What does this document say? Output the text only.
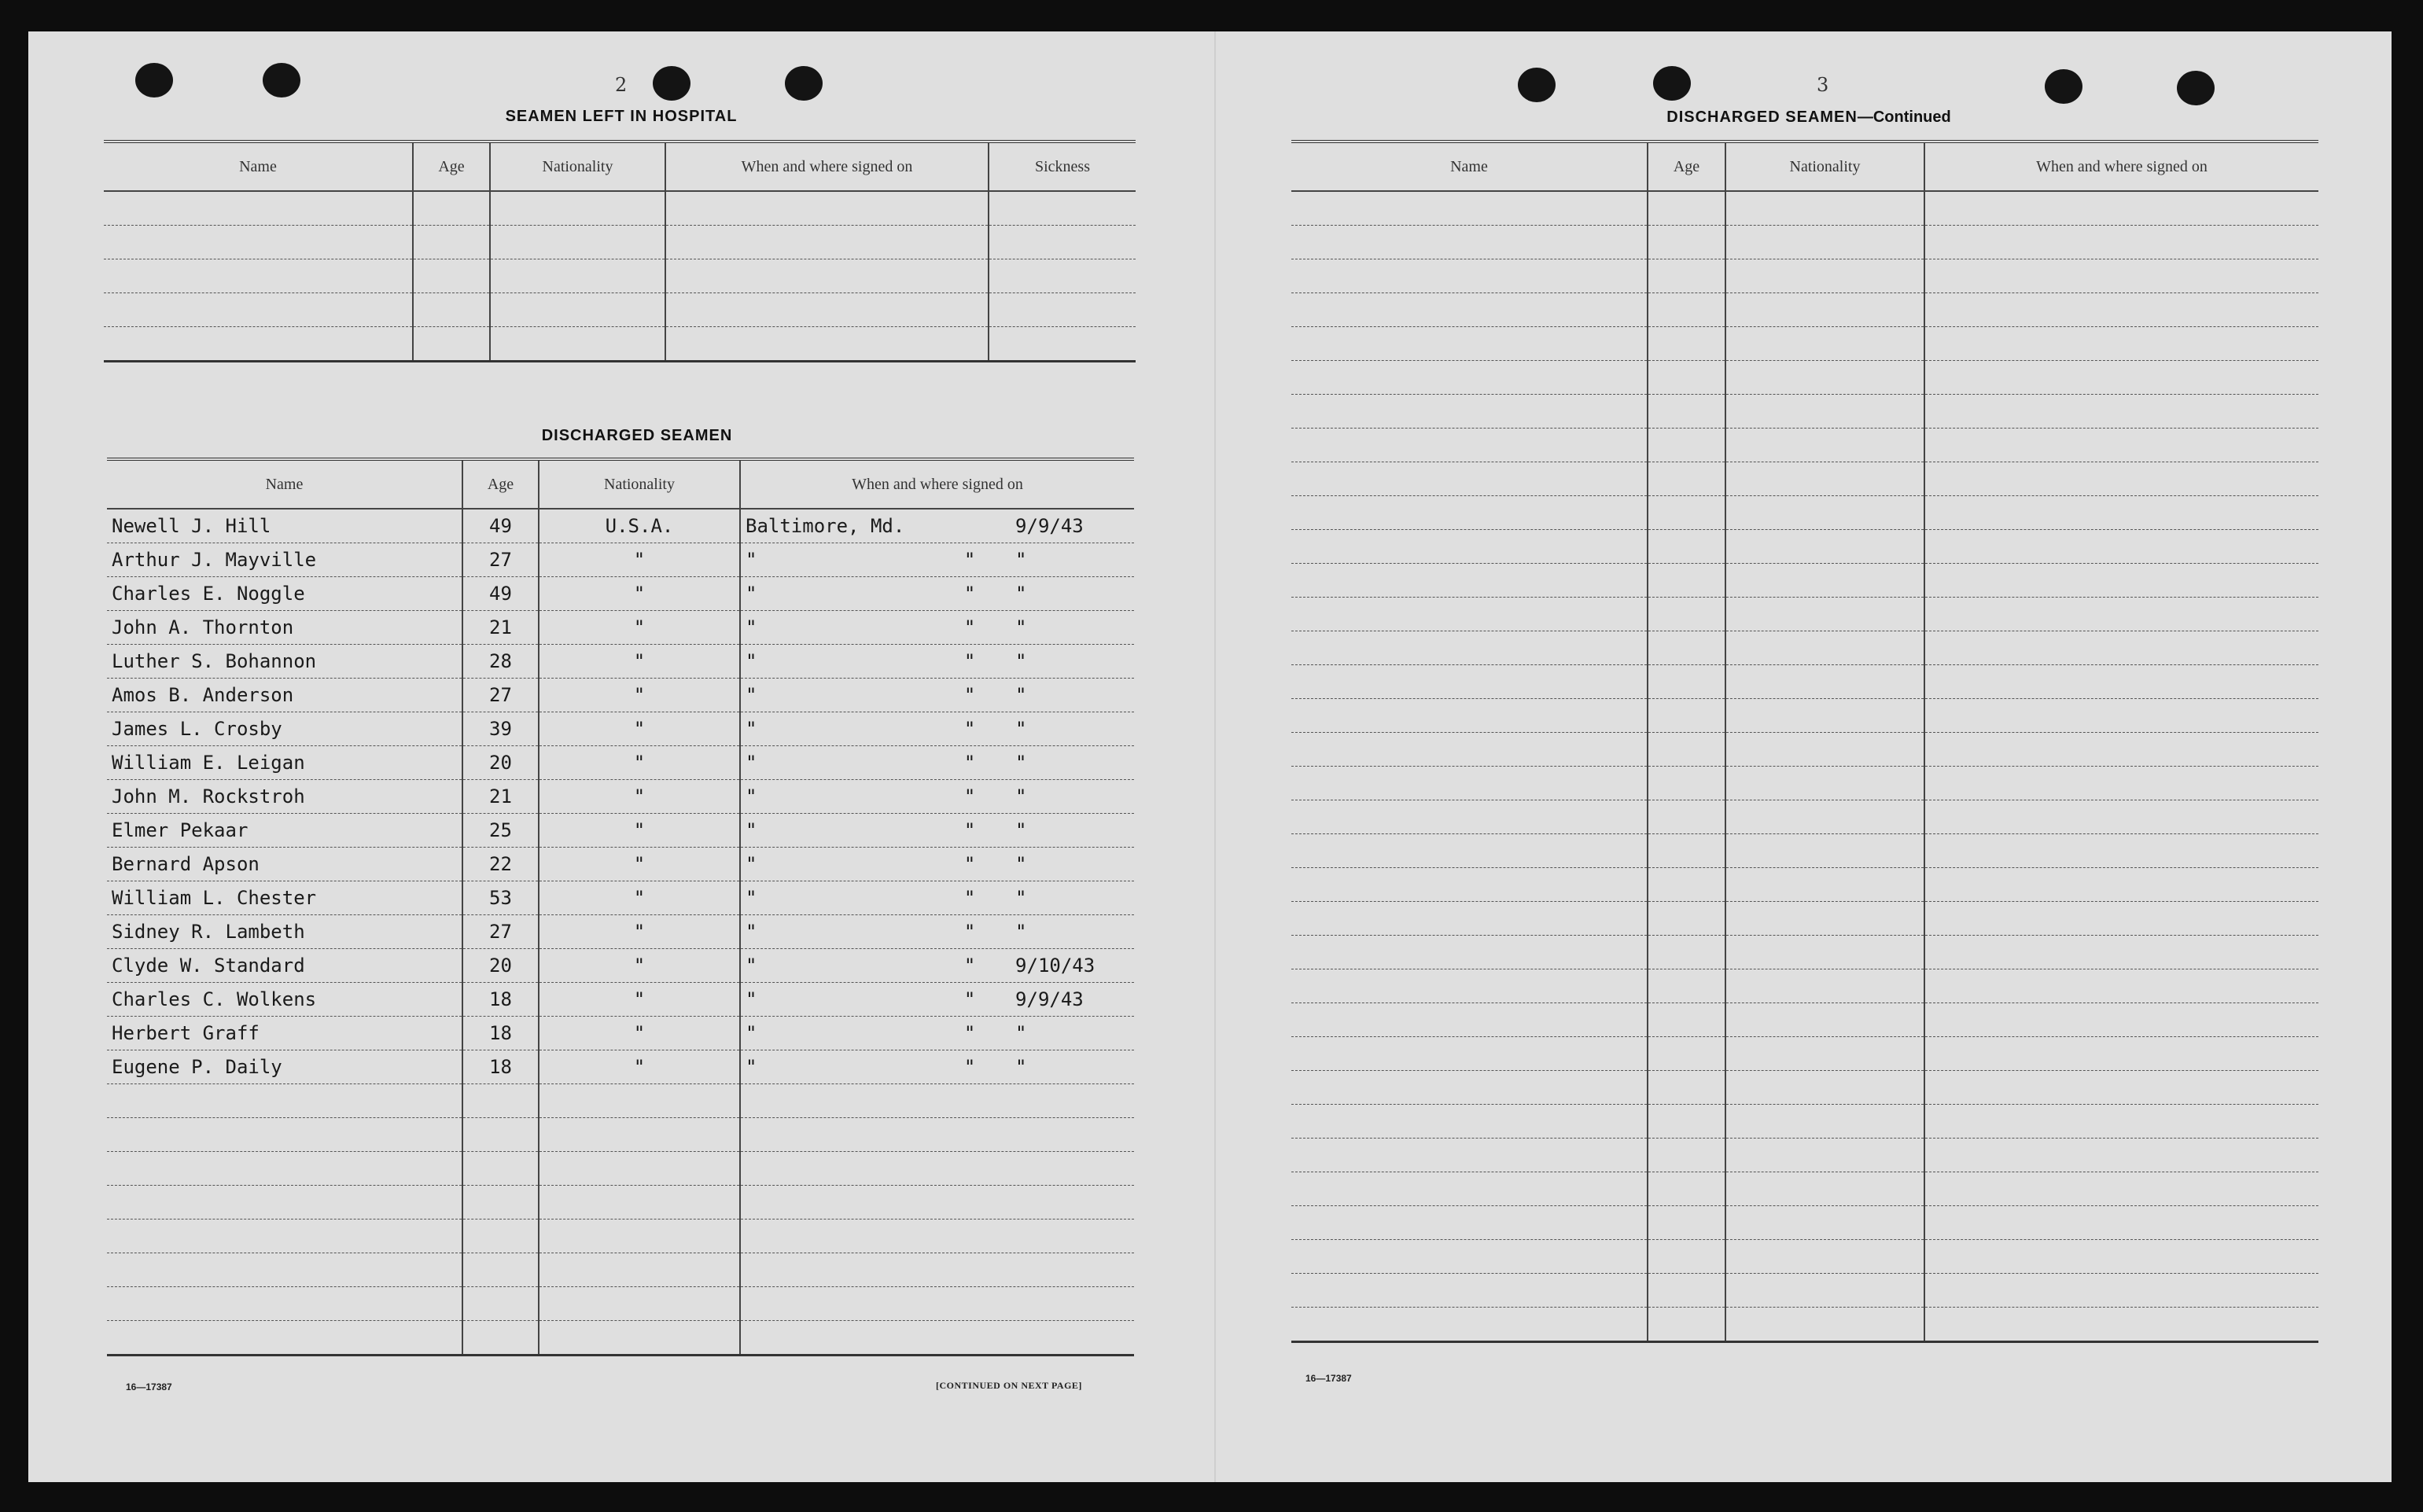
2
SEAMEN LEFT IN HOSPITAL
Name	Age	Nationality	When and where signed on	Sickness

DISCHARGED SEAMEN
Name	Age	Nationality	When and where signed on
Newell J. Hill	49	U.S.A.	Baltimore, Md. 9/9/43

Arthur J. Mayville	27	"	" " "

Charles E. Noggle	49	"	" " "

John A. Thornton	21	"	" " "

Luther S. Bohannon	28	"	" " "

Amos B. Anderson	27	"	" " "

James L. Crosby	39	"	" " "

William E. Leigan	20	"	" " "

John M. Rockstroh	21	"	" " "

Elmer Pekaar	25	"	" " "

Bernard Apson	22	"	" " "

William L. Chester	53	"	" " "

Sidney R. Lambeth	27	"	" " "

Clyde W. Standard	20	"	" " 9/10/43

Charles C. Wolkens	18	"	" " 9/9/43

Herbert Graff	18	"	" " "

Eugene P. Daily	18	"	" " "

16—17387	[CONTINUED ON NEXT PAGE]
3
DISCHARGED SEAMEN—Continued
Name	Age	Nationality	When and where signed on

16—17387
